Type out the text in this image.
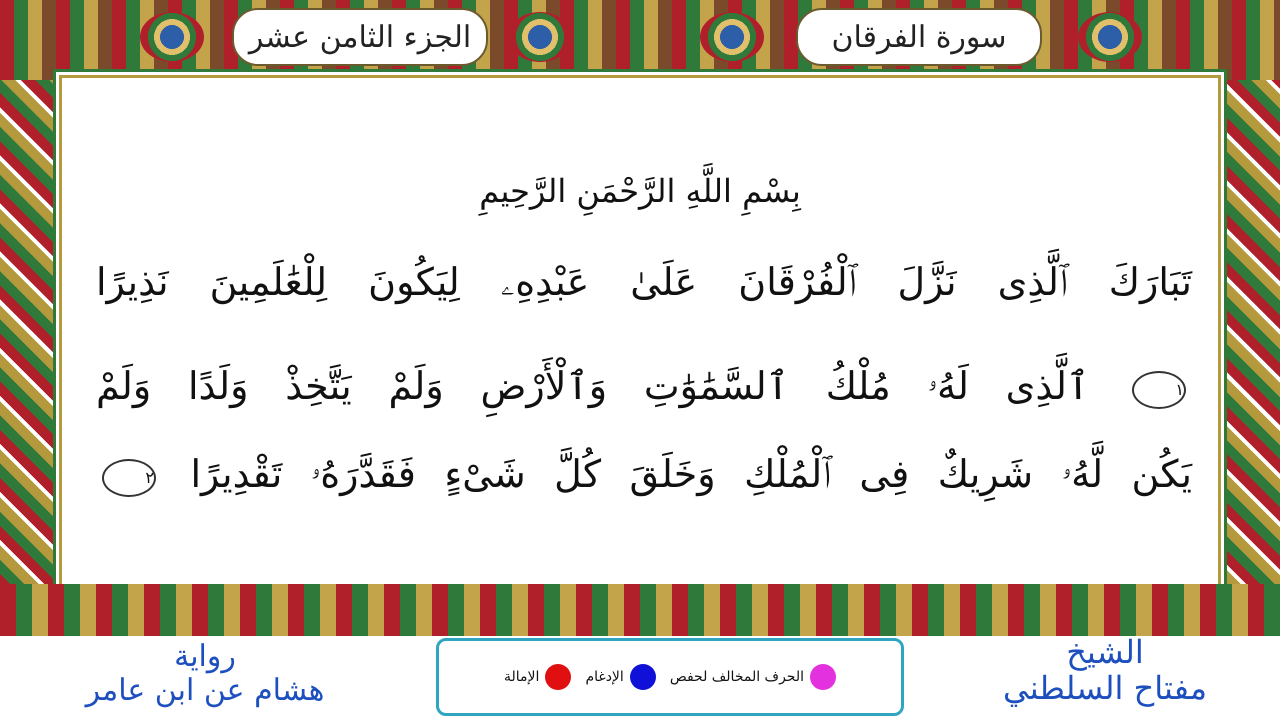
الجزء الثامن عشر	سورة الفرقان
بِسْمِ اللَّهِ الرَّحْمَنِ الرَّحِيمِ
تَبَارَكَ ٱلَّذِى نَزَّلَ ٱلْفُرْقَانَ عَلَىٰ عَبْدِهِۦ لِيَكُونَ لِلْعَٰلَمِينَ نَذِيرًا
١ ٱلَّذِى لَهُۥ مُلْكُ ٱلسَّمَٰوَٰتِ وَٱلْأَرْضِ وَلَمْ يَتَّخِذْ وَلَدًا وَلَمْ
يَكُن لَّهُۥ شَرِيكٌ فِى ٱلْمُلْكِ وَخَلَقَ كُلَّ شَىْءٍ فَقَدَّرَهُۥ تَقْدِيرًا ٢
رواية
هشام عن ابن عامر	الحرف المخالف لحفص
الإدغام
الإمالة
الشيخ
مفتاح السلطني
